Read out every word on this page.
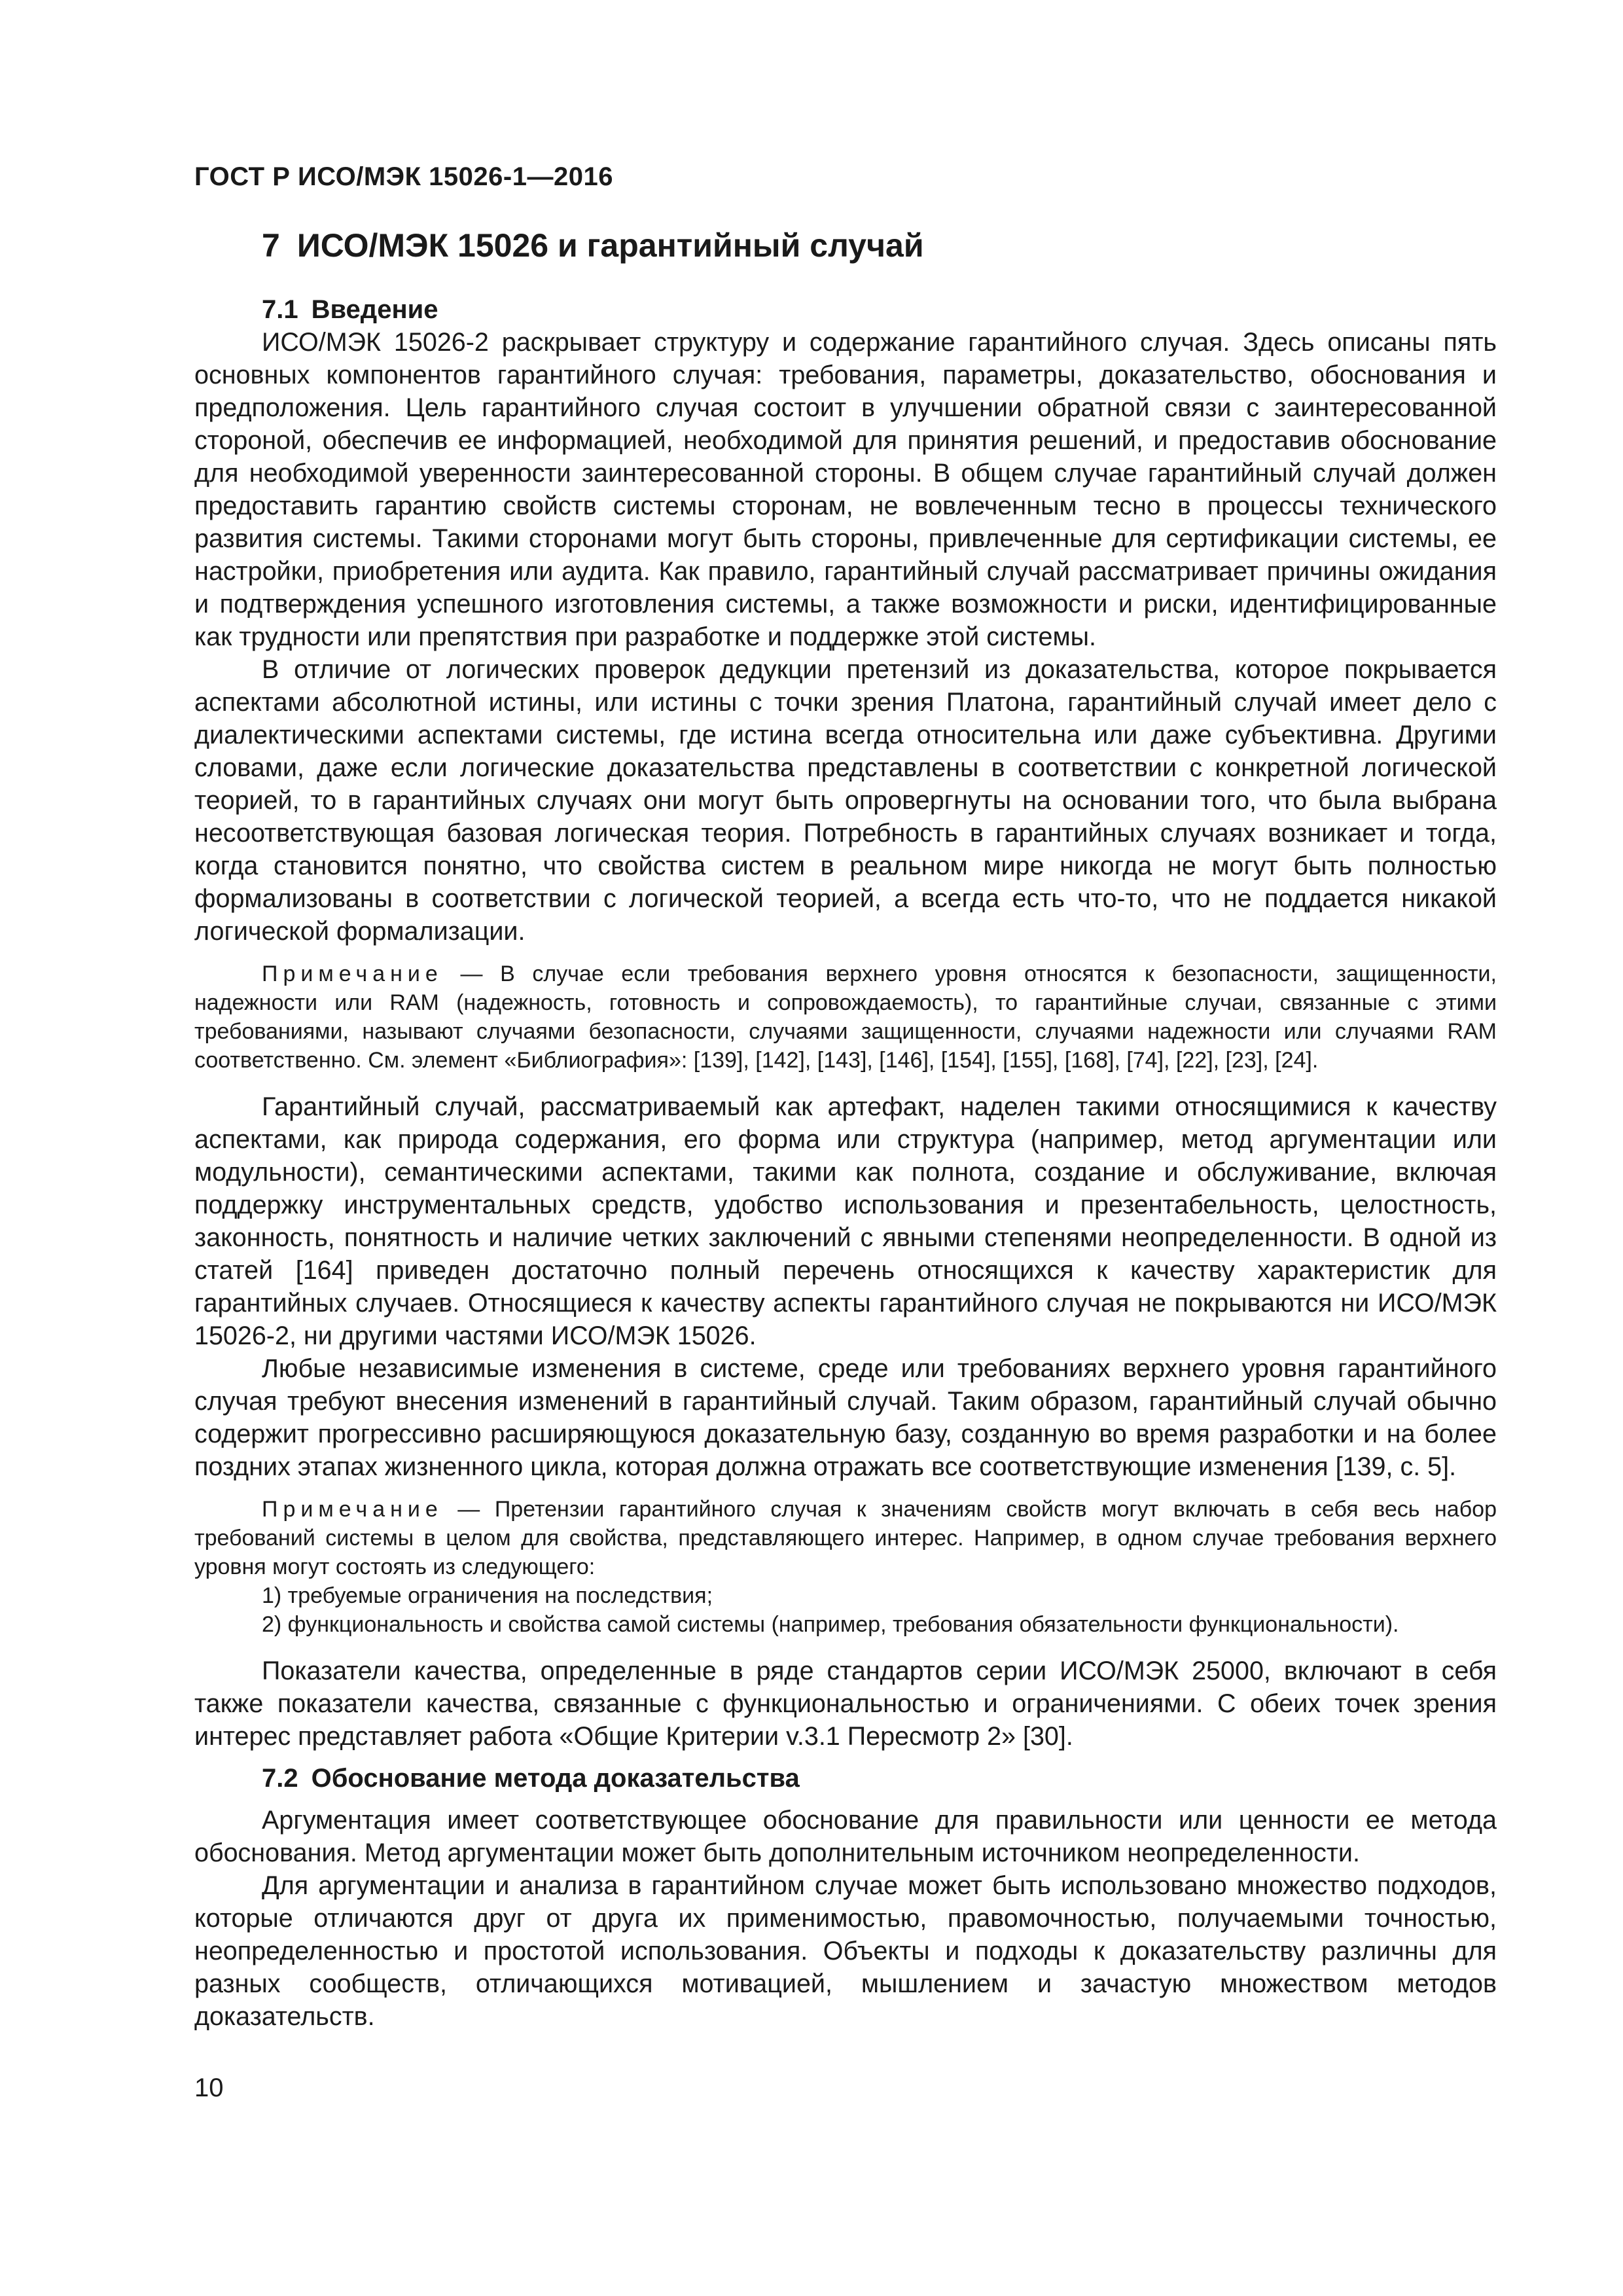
ГОСТ Р ИСО/МЭК 15026-1—2016
7 ИСО/МЭК 15026 и гарантийный случай
7.1 Введение

ИСО/МЭК 15026-2 раскрывает структуру и содержание гарантийного случая. Здесь описаны пять основных компонентов гарантийного случая: требования, параметры, доказательство, обоснования и предположения. Цель гарантийного случая состоит в улучшении обратной связи с заинтересованной стороной, обеспечив ее информацией, необходимой для принятия решений, и предоставив обоснование для необходимой уверенности заинтересованной стороны. В общем случае гарантийный случай должен предоставить гарантию свойств системы сторонам, не вовлеченным тесно в процессы технического развития системы. Такими сторонами могут быть стороны, привлеченные для сертификации системы, ее настройки, приобретения или аудита. Как правило, гарантийный случай рассматривает причины ожидания и подтверждения успешного изготовления системы, а также возможности и риски, идентифицированные как трудности или препятствия при разработке и поддержке этой системы.

В отличие от логических проверок дедукции претензий из доказательства, которое покрывается аспектами абсолютной истины, или истины с точки зрения Платона, гарантийный случай имеет дело с диалектическими аспектами системы, где истина всегда относительна или даже субъективна. Другими словами, даже если логические доказательства представлены в соответствии с конкретной логической теорией, то в гарантийных случаях они могут быть опровергнуты на основании того, что была выбрана несоответствующая базовая логическая теория. Потребность в гарантийных случаях возникает и тогда, когда становится понятно, что свойства систем в реальном мире никогда не могут быть полностью формализованы в соответствии с логической теорией, а всегда есть что-то, что не поддается никакой логической формализации.

Примечание — В случае если требования верхнего уровня относятся к безопасности, защищенности, надежности или RAM (надежность, готовность и сопровождаемость), то гарантийные случаи, связанные с этими требованиями, называют случаями безопасности, случаями защищенности, случаями надежности или случаями RAM соответственно. См. элемент «Библиография»: [139], [142], [143], [146], [154], [155], [168], [74], [22], [23], [24].

Гарантийный случай, рассматриваемый как артефакт, наделен такими относящимися к качеству аспектами, как природа содержания, его форма или структура (например, метод аргументации или модульности), семантическими аспектами, такими как полнота, создание и обслуживание, включая поддержку инструментальных средств, удобство использования и презентабельность, целостность, законность, понятность и наличие четких заключений с явными степенями неопределенности. В одной из статей [164] приведен достаточно полный перечень относящихся к качеству характеристик для гарантийных случаев. Относящиеся к качеству аспекты гарантийного случая не покрываются ни ИСО/МЭК 15026-2, ни другими частями ИСО/МЭК 15026.

Любые независимые изменения в системе, среде или требованиях верхнего уровня гарантийного случая требуют внесения изменений в гарантийный случай. Таким образом, гарантийный случай обычно содержит прогрессивно расширяющуюся доказательную базу, созданную во время разработки и на более поздних этапах жизненного цикла, которая должна отражать все соответствующие изменения [139, с. 5].

Примечание — Претензии гарантийного случая к значениям свойств могут включать в себя весь набор требований системы в целом для свойства, представляющего интерес. Например, в одном случае требования верхнего уровня могут состоять из следующего:
1) требуемые ограничения на последствия;
2) функциональность и свойства самой системы (например, требования обязательности функциональности).

Показатели качества, определенные в ряде стандартов серии ИСО/МЭК 25000, включают в себя также показатели качества, связанные с функциональностью и ограничениями. С обеих точек зрения интерес представляет работа «Общие Критерии v.3.1 Пересмотр 2» [30].

7.2 Обоснование метода доказательства

Аргументация имеет соответствующее обоснование для правильности или ценности ее метода обоснования. Метод аргументации может быть дополнительным источником неопределенности.

Для аргументации и анализа в гарантийном случае может быть использовано множество подходов, которые отличаются друг от друга их применимостью, правомочностью, получаемыми точностью, неопределенностью и простотой использования. Объекты и подходы к доказательству различны для разных сообществ, отличающихся мотивацией, мышлением и зачастую множеством методов доказательств.

10
